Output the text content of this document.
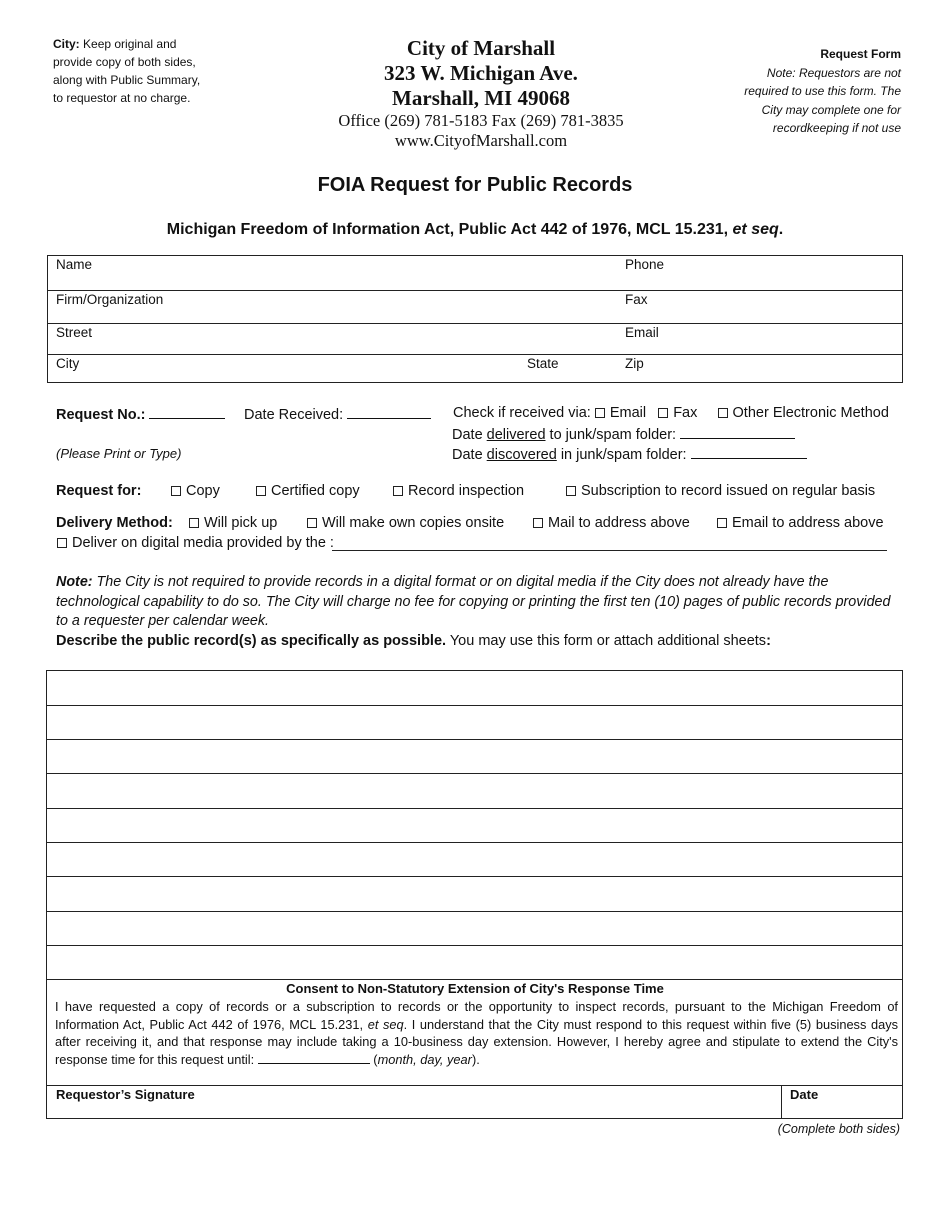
City: Keep original and
provide copy of both sides,
along with Public Summary,
to requestor at no charge.
City of Marshall
323 W. Michigan Ave.
Marshall, MI 49068
Office (269) 781-5183 Fax (269) 781-3835
www.CityofMarshall.com
Request Form
Note: Requestors are not
required to use this form. The
City may complete one for
recordkeeping if not use
FOIA Request for Public Records
Michigan Freedom of Information Act, Public Act 442 of 1976, MCL 15.231, et seq.
Name	Phone
Firm/Organization	Fax
Street	Email
City	State	Zip
Request No.:	Date Received:	Check if received via: Email Fax Other Electronic Method
Date delivered to junk/spam folder:
Date discovered in junk/spam folder:
(Please Print or Type)
Request for:	Copy	Certified copy	Record inspection	Subscription to record issued on regular basis
Delivery Method:	Will pick up	Will make own copies onsite	Mail to address above	Email to address above
Deliver on digital media provided by the :
Note: The City is not required to provide records in a digital format or on digital media if the City does not already have the
technological capability to do so. The City will charge no fee for copying or printing the first ten (10) pages of public records provided
to a requester per calendar week.
Describe the public record(s) as specifically as possible. You may use this form or attach additional sheets:
Consent to Non-Statutory Extension of City's Response Time
I have requested a copy of records or a subscription to records or the opportunity to inspect records, pursuant to the Michigan Freedom of
Information Act, Public Act 442 of 1976, MCL 15.231, et seq. I understand that the City must respond to this request within five (5) business days
after receiving it, and that response may include taking a 10-business day extension. However, I hereby agree and stipulate to extend the City's
response time for this request until:	(month, day, year).
Requestor’s Signature	Date
(Complete both sides)
